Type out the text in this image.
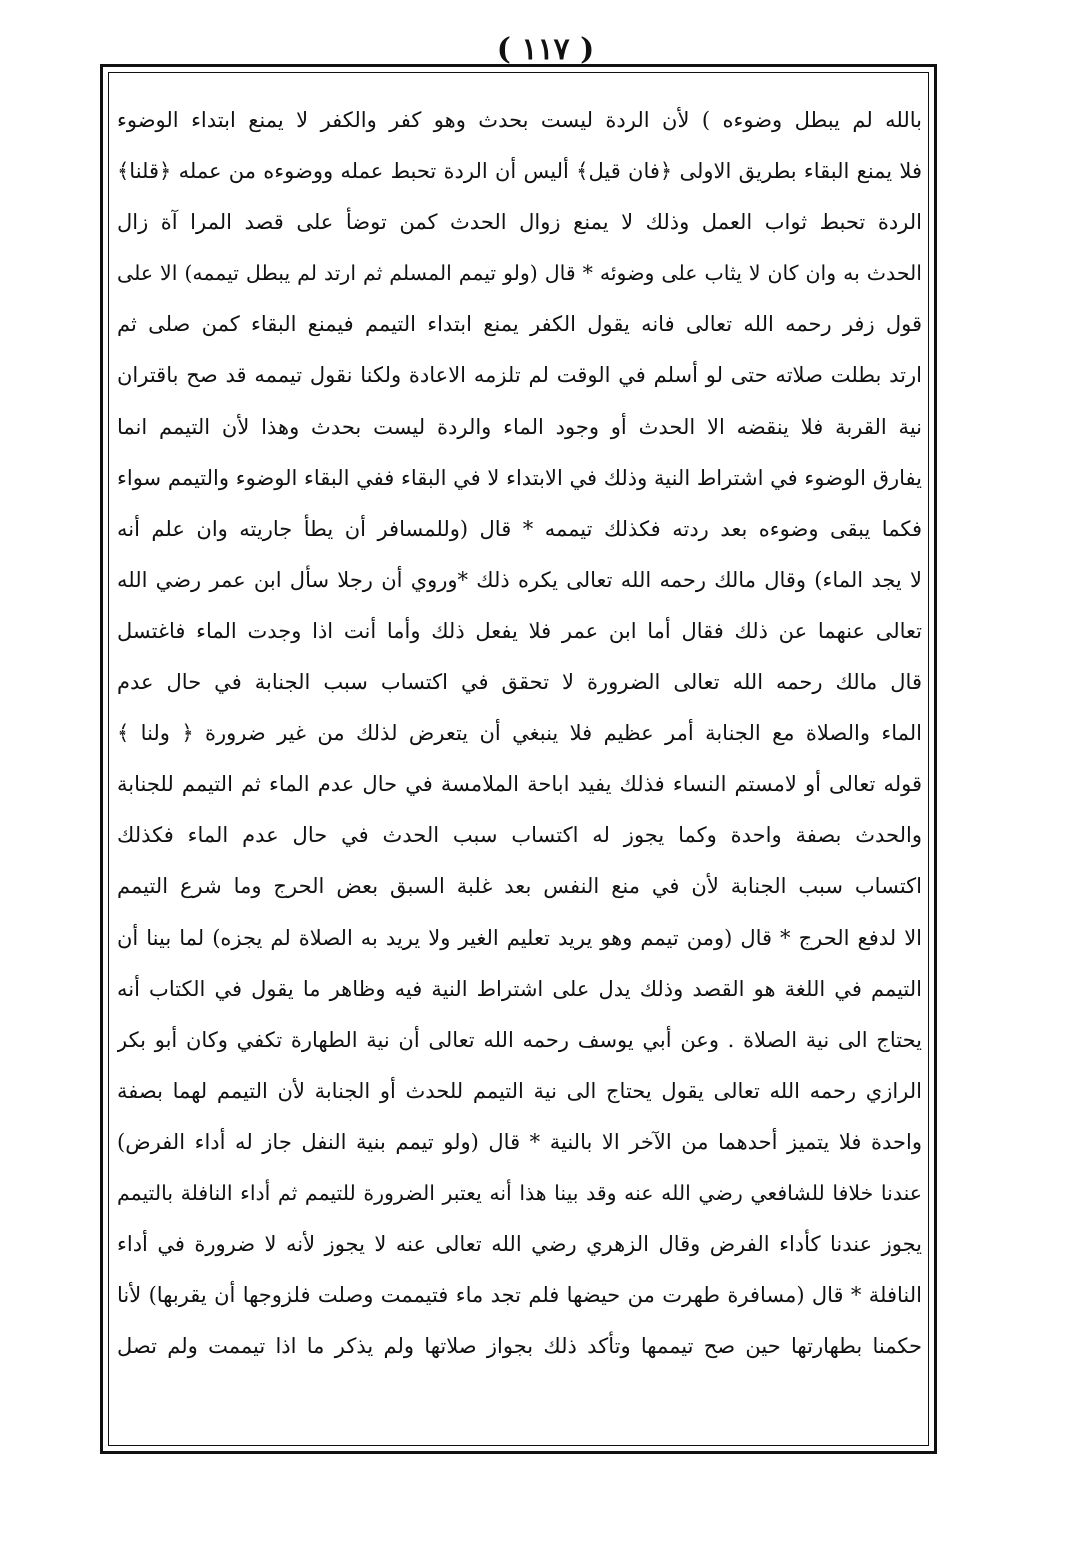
( ١١٧ )
بالله لم يبطل وضوءه ) لأن الردة ليست بحدث وهو كفر والكفر لا يمنع ابتداء الوضوء
فلا يمنع البقاء بطريق الاولى ﴿فان قيل﴾ أليس أن الردة تحبط عمله ووضوءه من عمله ﴿قلنا﴾
الردة تحبط ثواب العمل وذلك لا يمنع زوال الحدث كمن توضأ على قصد المرا آة زال
الحدث به وان كان لا يثاب على وضوئه * قال (ولو تيمم المسلم ثم ارتد لم يبطل تيممه) الا على
قول زفر رحمه الله تعالى فانه يقول الكفر يمنع ابتداء التيمم فيمنع البقاء كمن صلى ثم
ارتد بطلت صلاته حتى لو أسلم في الوقت لم تلزمه الاعادة ولكنا نقول تيممه قد صح باقتران
نية القربة فلا ينقضه الا الحدث أو وجود الماء والردة ليست بحدث وهذا لأن التيمم انما
يفارق الوضوء في اشتراط النية وذلك في الابتداء لا في البقاء ففي البقاء الوضوء والتيمم سواء
فكما يبقى وضوءه بعد ردته فكذلك تيممه * قال (وللمسافر أن يطأ جاريته وان علم أنه
لا يجد الماء) وقال مالك رحمه الله تعالى يكره ذلك *وروي أن رجلا سأل ابن عمر رضي الله
تعالى عنهما عن ذلك فقال أما ابن عمر فلا يفعل ذلك وأما أنت اذا وجدت الماء فاغتسل
قال مالك رحمه الله تعالى الضرورة لا تحقق في اكتساب سبب الجنابة في حال عدم
الماء والصلاة مع الجنابة أمر عظيم فلا ينبغي أن يتعرض لذلك من غير ضرورة ﴿ ولنا ﴾
قوله تعالى أو لامستم النساء فذلك يفيد اباحة الملامسة في حال عدم الماء ثم التيمم للجنابة
والحدث بصفة واحدة وكما يجوز له اكتساب سبب الحدث في حال عدم الماء فكذلك
اكتساب سبب الجنابة لأن في منع النفس بعد غلبة السبق بعض الحرج وما شرع التيمم
الا لدفع الحرج * قال (ومن تيمم وهو يريد تعليم الغير ولا يريد به الصلاة لم يجزه) لما بينا أن
التيمم في اللغة هو القصد وذلك يدل على اشتراط النية فيه وظاهر ما يقول في الكتاب أنه
يحتاج الى نية الصلاة . وعن أبي يوسف رحمه الله تعالى أن نية الطهارة تكفي وكان أبو بكر
الرازي رحمه الله تعالى يقول يحتاج الى نية التيمم للحدث أو الجنابة لأن التيمم لهما بصفة
واحدة فلا يتميز أحدهما من الآخر الا بالنية * قال (ولو تيمم بنية النفل جاز له أداء الفرض)
عندنا خلافا للشافعي رضي الله عنه وقد بينا هذا أنه يعتبر الضرورة للتيمم ثم أداء النافلة بالتيمم
يجوز عندنا كأداء الفرض وقال الزهري رضي الله تعالى عنه لا يجوز لأنه لا ضرورة في أداء
النافلة * قال (مسافرة طهرت من حيضها فلم تجد ماء فتيممت وصلت فلزوجها أن يقربها) لأنا
حكمنا بطهارتها حين صح تيممها وتأكد ذلك بجواز صلاتها ولم يذكر ما اذا تيممت ولم تصل
